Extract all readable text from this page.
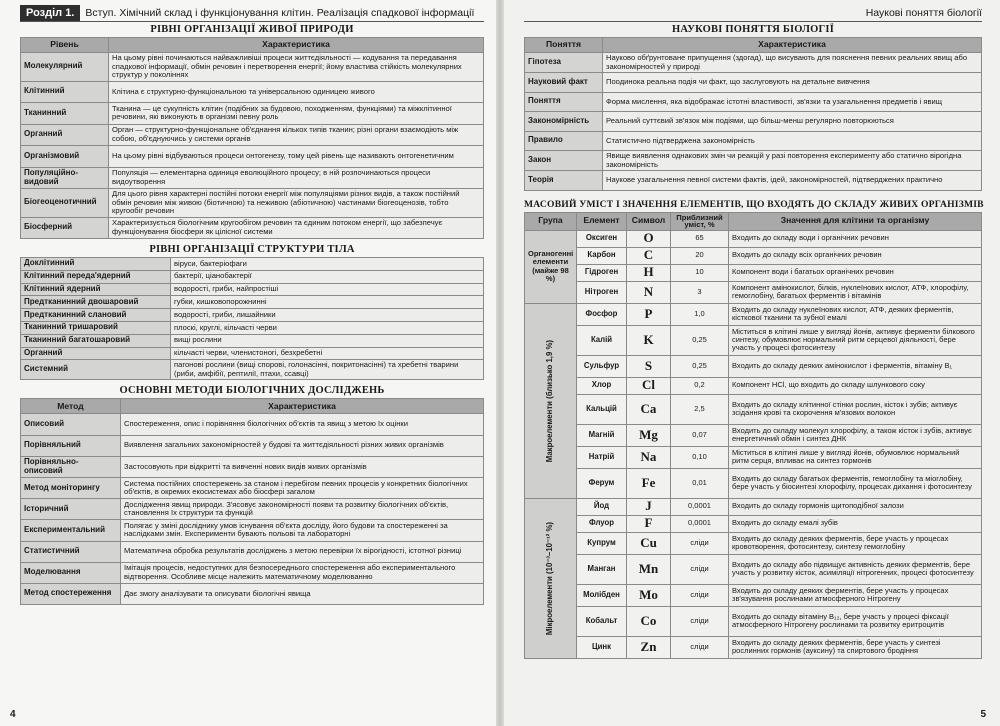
Розділ 1.	Вступ. Хімічний склад і функціонування клітин. Реалізація спадкової інформації
РІВНІ ОРГАНІЗАЦІЇ ЖИВОЇ ПРИРОДИ
Рівень	Характеристика
Молекулярний	На цьому рівні починаються найважливіші процеси життєдіяльності — кодування та передавання спадкової інформації, обмін речовин і перетворення енергії; йому властива стійкість молекулярних структур у поколіннях
Клітинний	Клітина є структурно-функціональною та універсальною одиницею живого
Тканинний	Тканина — це сукупність клітин (подібних за будовою, походженням, функціями) та міжклітинної речовини, які виконують в організмі певну роль
Органний	Орган — структурно-функціональне об'єднання кількох типів тканин; різні органи взаємодіють між собою, об'єднуючись у системи органів
Організмовий	На цьому рівні відбуваються процеси онтогенезу, тому цей рівень ще називають онтогенетичним
Популяційно-видовий	Популяція — елементарна одиниця еволюційного процесу; в ній розпочинаються процеси видоутворення
Біогеоценотичний	Для цього рівня характерні постійні потоки енергії між популяціями різних видів, а також постійний обмін речовин між живою (біотичною) та неживою (абіотичною) частинами біогеоценозів, тобто кругообіг речовин
Біосферний	Характеризується біологічним кругообігом речовин та єдиним потоком енергії, що забезпечує функціонування біосфери як цілісної системи
РІВНІ ОРГАНІЗАЦІЇ СТРУКТУРИ ТІЛА
Доклітинний	віруси, бактеріофаги
Клітинний переда'ядерний	бактерії, ціанобактерії
Клітинний ядерний	водорості, гриби, найпростіші
Предтканинний двошаровий	губки, кишковопорожнинні
Предтканинний слановий	водорості, гриби, лишайники
Тканинний тришаровий	плоскі, круглі, кільчасті черви
Тканинний багатошаровий	вищі рослини
Органний	кільчасті черви, членистоногі, безхребетні
Системний	пагонові рослини (вищі спорові, голонасінні, покритонасінні) та хребетні тварини (риби, амфібії, рептилії, птахи, ссавці)
ОСНОВНІ МЕТОДИ БІОЛОГІЧНИХ ДОСЛІДЖЕНЬ
Метод	Характеристика
Описовий	Спостереження, опис і порівняння біологічних об'єктів та явищ з метою їх оцінки
Порівняльний	Виявлення загальних закономірностей у будові та життєдіяльності різних живих організмів
Порівняльно-описовий	Застосовують при відкритті та вивченні нових видів живих організмів
Метод моніторингу	Система постійних спостережень за станом і перебігом певних процесів у конкретних біологічних об'єктів, в окремих екосистемах або біосфері загалом
Історичний	Дослідження явищ природи. З'ясовує закономірності появи та розвитку біологічних об'єктів, становлення їх структури та функцій
Експериментальний	Полягає у зміні досліднику умов існування об'єкта досліду, його будови та спостереженні за наслідками змін. Експерименти бувають польові та лабораторні
Статистичний	Математична обробка результатів досліджень з метою перевірки їх вірогідності, істотної різниці
Моделювання	Імітація процесів, недоступних для безпосереднього спостереження або експериментального відтворення. Особливе місце належить математичному моделюванню
Метод спостереження	Дає змогу аналізувати та описувати біологічні явища
4
Наукові поняття біології
НАУКОВІ ПОНЯТТЯ БІОЛОГІЇ
Поняття	Характеристика
Гіпотеза	Науково обґрунтоване припущення (здогад), що висувають для пояснення певних реальних явищ або закономірностей у природі
Науковий факт	Поодинока реальна подія чи факт, що заслуговують на детальне вивчення
Поняття	Форма мислення, яка відображає істотні властивості, зв'язки та узагальнення предметів і явищ
Закономірність	Реальний суттєвий зв'язок між подіями, що більш-менш регулярно повторюються
Правило	Статистично підтверджена закономірність
Закон	Явище виявлення однакових змін чи реакцій у разі повторення експерименту або статично вірогідна закономірність
Теорія	Наукове узагальнення певної системи фактів, ідей, закономірностей, підтверджених практично
МАСОВИЙ УМІСТ І ЗНАЧЕННЯ ЕЛЕМЕНТІВ, ЩО ВХОДЯТЬ ДО СКЛАДУ ЖИВИХ ОРГАНІЗМІВ
Група	Елемент	Символ	Приблизний уміст, %	Значення для клітини та організму

Органогенні елементи (майже 98 %)	Оксиген	O	65	Входить до складу води і органічних речовин
	Карбон	C	20	Входить до складу всіх органічних речовин
	Гідроген	H	10	Компонент води і багатьох органічних речовин
	Нітроген	N	3	Компонент амінокислот, білків, нуклеїнових кислот, АТФ, хлорофілу, гемоглобіну, багатьох ферментів і вітамінів

Макроелементи (близько 1,9 %)	Фосфор	P	1,0	Входить до складу нуклеїнових кислот, АТФ, деяких ферментів, кісткової тканини та зубної емалі
	Калій	K	0,25	Міститься в клітині лише у вигляді йонів, активує ферменти білкового синтезу, обумовлює нормальний ритм серцевої діяльності, бере участь у процесі фотосинтезу
	Сульфур	S	0,25	Входить до складу деяких амінокислот і ферментів, вітаміну В₁
	Хлор	Cl	0,2	Компонент HCl, що входить до складу шлункового соку
	Кальцій	Ca	2,5	Входить до складу клітинної стінки рослин, кісток і зубів; активує зсідання крові та скорочення м'язових волокон
	Магній	Mg	0,07	Входить до складу молекул хлорофілу, а також кісток і зубів, активує енергетичний обмін і синтез ДНК
	Натрій	Na	0,10	Міститься в клітині лише у вигляді йонів, обумовлює нормальний ритм серця, впливає на синтез гормонів
	Ферум	Fe	0,01	Входить до складу багатьох ферментів, гемоглобіну та міоглобіну, бере участь у біосинтезі хлорофілу, процесах дихання і фотосинтезу

Мікроелементи (10⁻³–10⁻¹² %)	Йод	J	0,0001	Входить до складу гормонів щитоподібної залози
	Флуор	F	0,0001	Входить до складу емалі зубів
	Купрум	Cu	сліди	Входить до складу деяких ферментів, бере участь у процесах кровотворення, фотосинтезу, синтезу гемоглобіну
	Манган	Mn	сліди	Входить до складу або підвищує активність деяких ферментів, бере участь у розвитку кісток, асиміляції нітрогенних, процесі фотосинтезу
	Молібден	Mo	сліди	Входить до складу деяких ферментів, бере участь у процесах зв'язування рослинами атмосферного Нітрогену
	Кобальт	Co	сліди	Входить до складу вітаміну В₁₂, бере участь у процесі фіксації атмосферного Нітрогену рослинами та розвитку еритроцитів
	Цинк	Zn	сліди	Входить до складу деяких ферментів, бере участь у синтезі рослинних гормонів (ауксину) та спиртового бродіння
5
